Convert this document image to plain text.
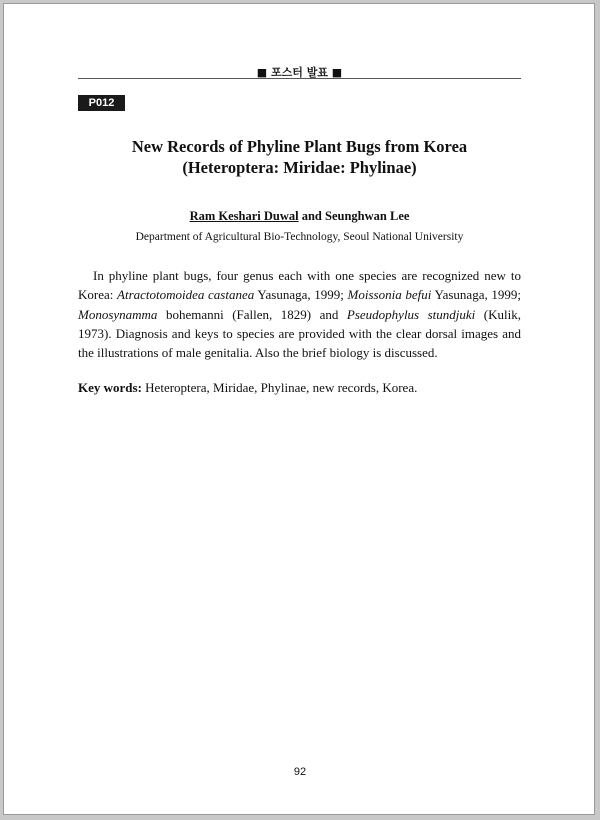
■ 포스터 발표 ■
P012
New Records of Phyline Plant Bugs from Korea
(Heteroptera: Miridae: Phylinae)
Ram Keshari Duwal and Seunghwan Lee
Department of Agricultural Bio-Technology, Seoul National University

In phyline plant bugs, four genus each with one species are recognized new to Korea: Atractotomoidea castanea Yasunaga, 1999; Moissonia befui Yasunaga, 1999; Monosynamma bohemanni (Fallen, 1829) and Pseudophylus stundjuki (Kulik, 1973). Diagnosis and keys to species are provided with the clear dorsal images and the illustrations of male genitalia. Also the brief biology is discussed.

Key words: Heteroptera, Miridae, Phylinae, new records, Korea.
92
